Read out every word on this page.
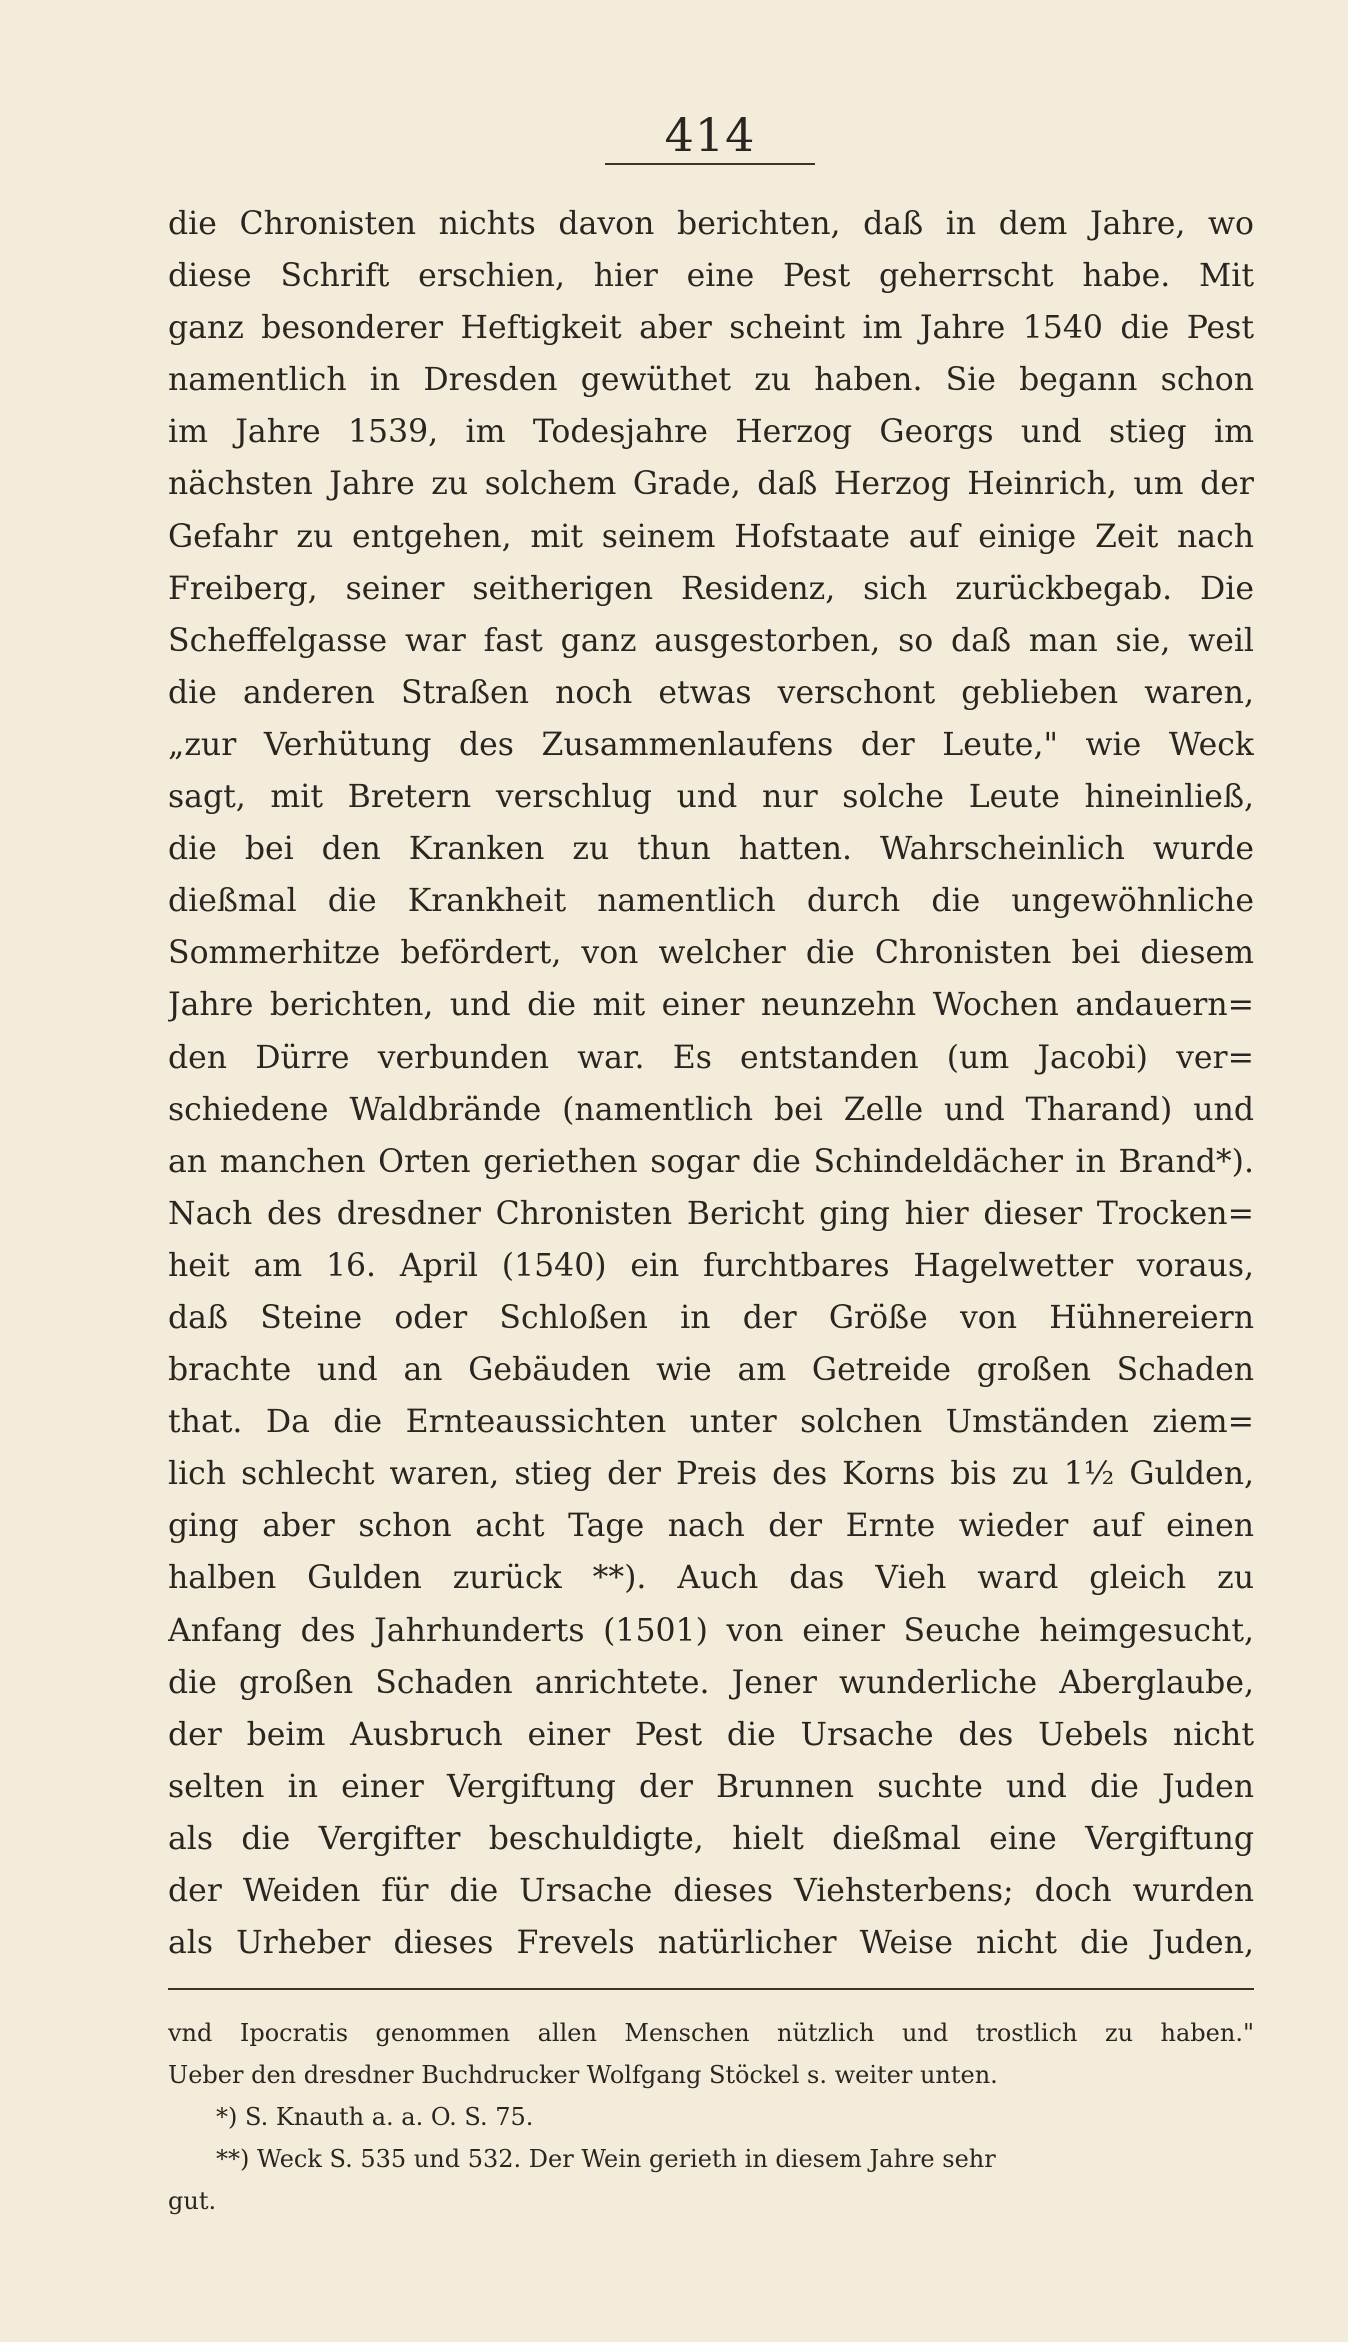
414
die Chronisten nichts davon berichten, daß in dem Jahre, wo
diese Schrift erschien, hier eine Pest geherrscht habe. Mit
ganz besonderer Heftigkeit aber scheint im Jahre 1540 die Pest
namentlich in Dresden gewüthet zu haben. Sie begann schon
im Jahre 1539, im Todesjahre Herzog Georgs und stieg im
nächsten Jahre zu solchem Grade, daß Herzog Heinrich, um der
Gefahr zu entgehen, mit seinem Hofstaate auf einige Zeit nach
Freiberg, seiner seitherigen Residenz, sich zurückbegab. Die
Scheffelgasse war fast ganz ausgestorben, so daß man sie, weil
die anderen Straßen noch etwas verschont geblieben waren,
„zur Verhütung des Zusammenlaufens der Leute," wie Weck
sagt, mit Bretern verschlug und nur solche Leute hineinließ,
die bei den Kranken zu thun hatten. Wahrscheinlich wurde
dießmal die Krankheit namentlich durch die ungewöhnliche
Sommerhitze befördert, von welcher die Chronisten bei diesem
Jahre berichten, und die mit einer neunzehn Wochen andauern=
den Dürre verbunden war. Es entstanden (um Jacobi) ver=
schiedene Waldbrände (namentlich bei Zelle und Tharand) und
an manchen Orten geriethen sogar die Schindeldächer in Brand*).
Nach des dresdner Chronisten Bericht ging hier dieser Trocken=
heit am 16. April (1540) ein furchtbares Hagelwetter voraus,
daß Steine oder Schloßen in der Größe von Hühnereiern
brachte und an Gebäuden wie am Getreide großen Schaden
that. Da die Ernteaussichten unter solchen Umständen ziem=
lich schlecht waren, stieg der Preis des Korns bis zu 1½ Gulden,
ging aber schon acht Tage nach der Ernte wieder auf einen
halben Gulden zurück **). Auch das Vieh ward gleich zu
Anfang des Jahrhunderts (1501) von einer Seuche heimgesucht,
die großen Schaden anrichtete. Jener wunderliche Aberglaube,
der beim Ausbruch einer Pest die Ursache des Uebels nicht
selten in einer Vergiftung der Brunnen suchte und die Juden
als die Vergifter beschuldigte, hielt dießmal eine Vergiftung
der Weiden für die Ursache dieses Viehsterbens; doch wurden
als Urheber dieses Frevels natürlicher Weise nicht die Juden,
vnd Ipocratis genommen allen Menschen nützlich und trostlich zu haben."
Ueber den dresdner Buchdrucker Wolfgang Stöckel s. weiter unten.
*) S. Knauth a. a. O. S. 75.
**) Weck S. 535 und 532. Der Wein gerieth in diesem Jahre sehr
gut.
